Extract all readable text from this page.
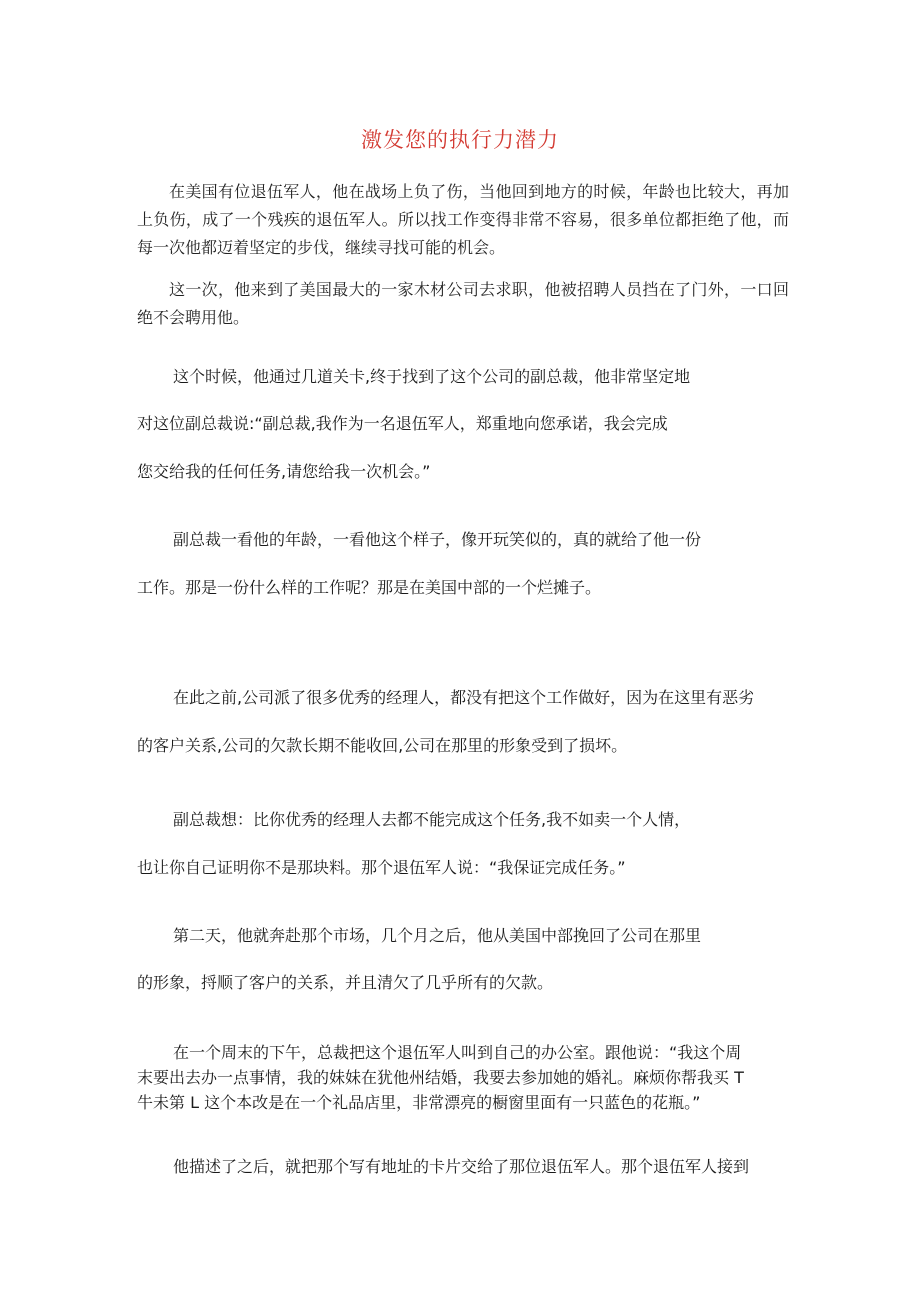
激发您的执行力潜力

在美国有位退伍军人，他在战场上负了伤，当他回到地方的时候，年龄也比较大，再加上负伤，成了一个残疾的退伍军人。所以找工作变得非常不容易，很多单位都拒绝了他，而每一次他都迈着坚定的步伐，继续寻找可能的机会。

这一次，他来到了美国最大的一家木材公司去求职，他被招聘人员挡在了门外，一口回绝不会聘用他。

这个时候，他通过几道关卡,终于找到了这个公司的副总裁，他非常坚定地

对这位副总裁说:“副总裁,我作为一名退伍军人，郑重地向您承诺，我会完成

您交给我的任何任务,请您给我一次机会。”

副总裁一看他的年龄，一看他这个样子，像开玩笑似的，真的就给了他一份

工作。那是一份什么样的工作呢？那是在美国中部的一个烂摊子。

在此之前,公司派了很多优秀的经理人，都没有把这个工作做好，因为在这里有恶劣

的客户关系,公司的欠款长期不能收回,公司在那里的形象受到了损坏。

副总裁想：比你优秀的经理人去都不能完成这个任务,我不如卖一个人情，

也让你自己证明你不是那块料。那个退伍军人说：“我保证完成任务。”

第二天，他就奔赴那个市场，几个月之后，他从美国中部挽回了公司在那里

的形象，捋顺了客户的关系，并且清欠了几乎所有的欠款。

在一个周末的下午，总裁把这个退伍军人叫到自己的办公室。跟他说：“我这个周

末要出去办一点事情，我的妹妹在犹他州结婚，我要去参加她的婚礼。麻烦你帮我买 T

牛未第 L 这个本改是在一个礼品店里，非常漂亮的橱窗里面有一只蓝色的花瓶。”

他描述了之后，就把那个写有地址的卡片交给了那位退伍军人。那个退伍军人接到
